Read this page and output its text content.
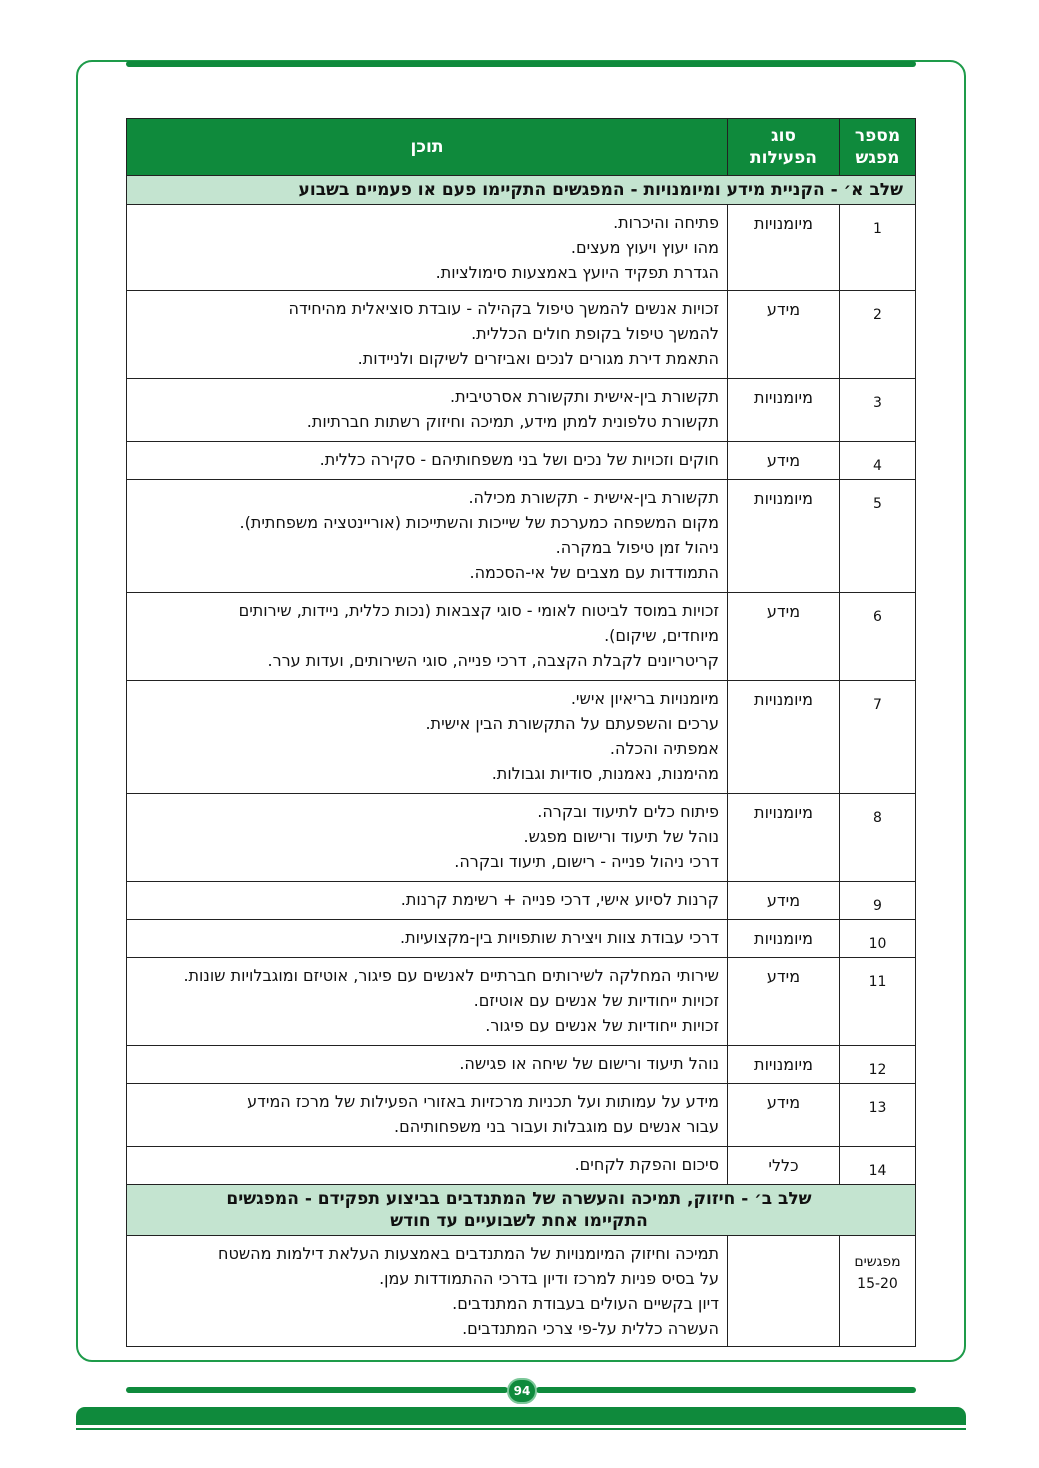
מספר
מפגש	סוג
הפעילות	תוכן
שלב א׳ - הקניית מידע ומיומנויות - המפגשים התקיימו פעם או פעמיים בשבוע		
1	מיומנויות	פתיחה והיכרות.
מהו יעוץ ויעוץ מעצים.
הגדרת תפקיד היועץ באמצעות סימולציות.

2	מידע	זכויות אנשים להמשך טיפול בקהילה - עובדת סוציאלית מהיחידה
להמשך טיפול בקופת חולים הכללית.
התאמת דירת מגורים לנכים ואביזרים לשיקום ולניידות.

3	מיומנויות	תקשורת בין-אישית ותקשורת אסרטיבית.
תקשורת טלפונית למתן מידע, תמיכה וחיזוק רשתות חברתיות.

4	מידע	חוקים וזכויות של נכים ושל בני משפחותיהם - סקירה כללית.

5	מיומנויות	תקשורת בין-אישית - תקשורת מכילה.
מקום המשפחה כמערכת של שייכות והשתייכות (אוריינטציה משפחתית).
ניהול זמן טיפול במקרה.
התמודדות עם מצבים של אי-הסכמה.

6	מידע	זכויות במוסד לביטוח לאומי - סוגי קצבאות (נכות כללית, ניידות, שירותים
מיוחדים, שיקום).
קריטריונים לקבלת הקצבה, דרכי פנייה, סוגי השירותים, ועדות ערר.

7	מיומנויות	מיומנויות בריאיון אישי.
ערכים והשפעתם על התקשורת הבין אישית.
אמפתיה והכלה.
מהימנות, נאמנות, סודיות וגבולות.

8	מיומנויות	פיתוח כלים לתיעוד ובקרה.
נוהל של תיעוד ורישום מפגש.
דרכי ניהול פנייה - רישום, תיעוד ובקרה.

9	מידע	קרנות לסיוע אישי, דרכי פנייה + רשימת קרנות.

10	מיומנויות	דרכי עבודת צוות ויצירת שותפויות בין-מקצועיות.

11	מידע	שירותי המחלקה לשירותים חברתיים לאנשים עם פיגור, אוטיזם ומוגבלויות שונות.
זכויות ייחודיות של אנשים עם אוטיזם.
זכויות ייחודיות של אנשים עם פיגור.

12	מיומנויות	נוהל תיעוד ורישום של שיחה או פגישה.

13	מידע	מידע על עמותות ועל תכניות מרכזיות באזורי הפעילות של מרכז המידע
עבור אנשים עם מוגבלות ועבור בני משפחותיהם.

14	כללי	סיכום והפקת לקחים.

שלב ב׳ - חיזוק, תמיכה והעשרה של המתנדבים בביצוע תפקידם - המפגשים
התקיימו אחת לשבועיים עד חודש		

מפגשים
15-20		תמיכה וחיזוק המיומנויות של המתנדבים באמצעות העלאת דילמות מהשטח
על בסיס פניות למרכז ודיון בדרכי ההתמודדות עמן.
דיון בקשיים העולים בעבודת המתנדבים.
העשרה כללית על-פי צרכי המתנדבים.
94
